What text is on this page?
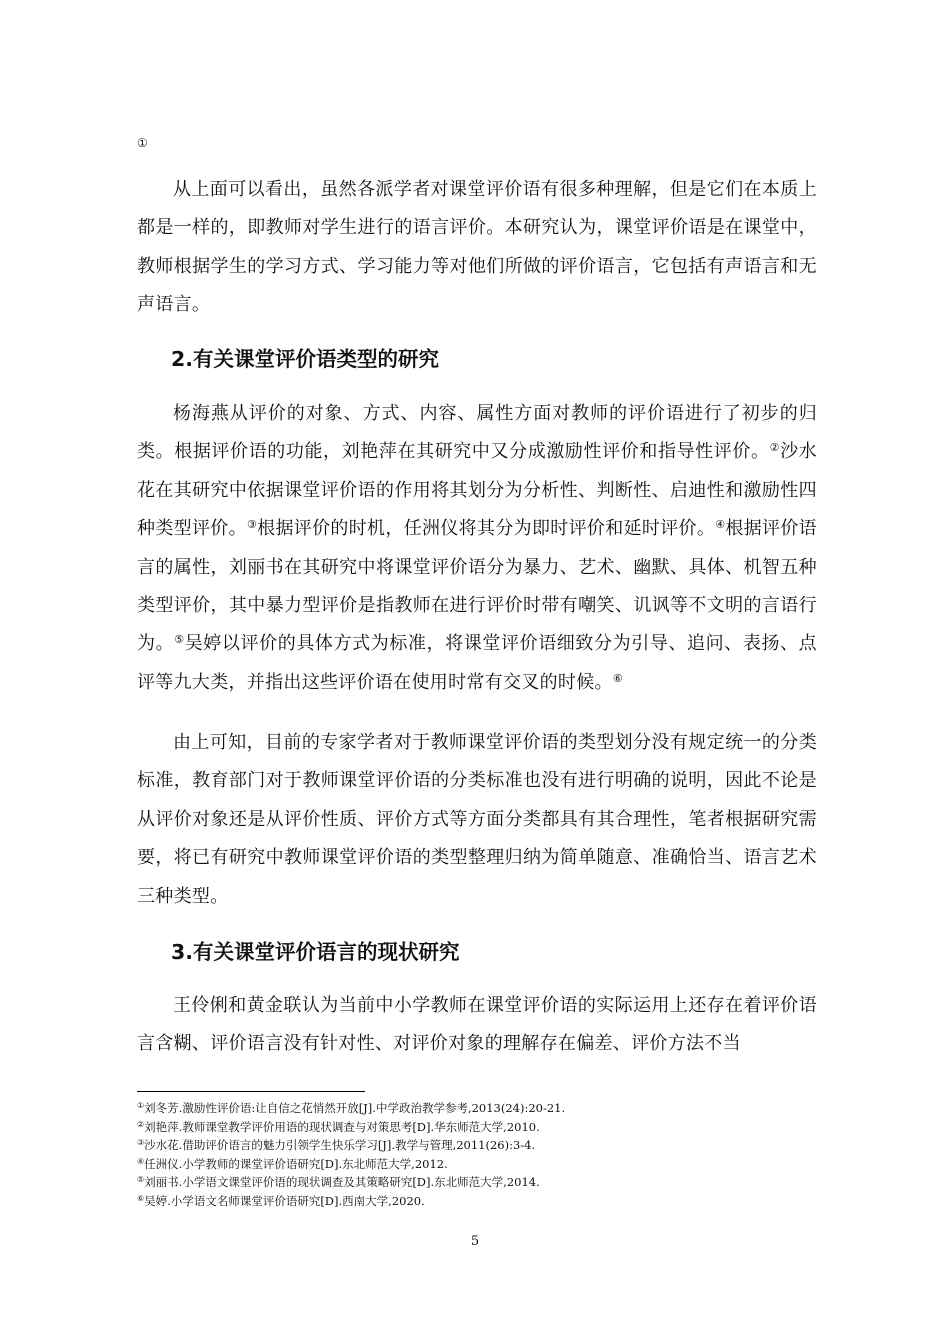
①

从上面可以看出，虽然各派学者对课堂评价语有很多种理解，但是它们在本质上都是一样的，即教师对学生进行的语言评价。本研究认为，课堂评价语是在课堂中，教师根据学生的学习方式、学习能力等对他们所做的评价语言，它包括有声语言和无声语言。

2.有关课堂评价语类型的研究

杨海燕从评价的对象、方式、内容、属性方面对教师的评价语进行了初步的归类。根据评价语的功能，刘艳萍在其研究中又分成激励性评价和指导性评价。②沙水花在其研究中依据课堂评价语的作用将其划分为分析性、判断性、启迪性和激励性四种类型评价。③根据评价的时机，任洲仪将其分为即时评价和延时评价。④根据评价语言的属性，刘丽书在其研究中将课堂评价语分为暴力、艺术、幽默、具体、机智五种类型评价，其中暴力型评价是指教师在进行评价时带有嘲笑、讥讽等不文明的言语行为。⑤吴婷以评价的具体方式为标准，将课堂评价语细致分为引导、追问、表扬、点评等九大类，并指出这些评价语在使用时常有交叉的时候。⑥

由上可知，目前的专家学者对于教师课堂评价语的类型划分没有规定统一的分类标准，教育部门对于教师课堂评价语的分类标准也没有进行明确的说明，因此不论是从评价对象还是从评价性质、评价方式等方面分类都具有其合理性，笔者根据研究需要，将已有研究中教师课堂评价语的类型整理归纳为简单随意、准确恰当、语言艺术三种类型。

3.有关课堂评价语言的现状研究

王伶俐和黄金联认为当前中小学教师在课堂评价语的实际运用上还存在着评价语言含糊、评价语言没有针对性、对评价对象的理解存在偏差、评价方法不当

①刘冬芳.激励性评价语:让自信之花悄然开放[J].中学政治教学参考,2013(24):20-21.
②刘艳萍.教师课堂教学评价用语的现状调查与对策思考[D].华东师范大学,2010.
③沙水花.借助评价语言的魅力引领学生快乐学习[J].教学与管理,2011(26):3-4.
④任洲仪.小学教师的课堂评价语研究[D].东北师范大学,2012.
⑤刘丽书.小学语文课堂评价语的现状调查及其策略研究[D].东北师范大学,2014.
⑥吴婷.小学语文名师课堂评价语研究[D].西南大学,2020.
5
